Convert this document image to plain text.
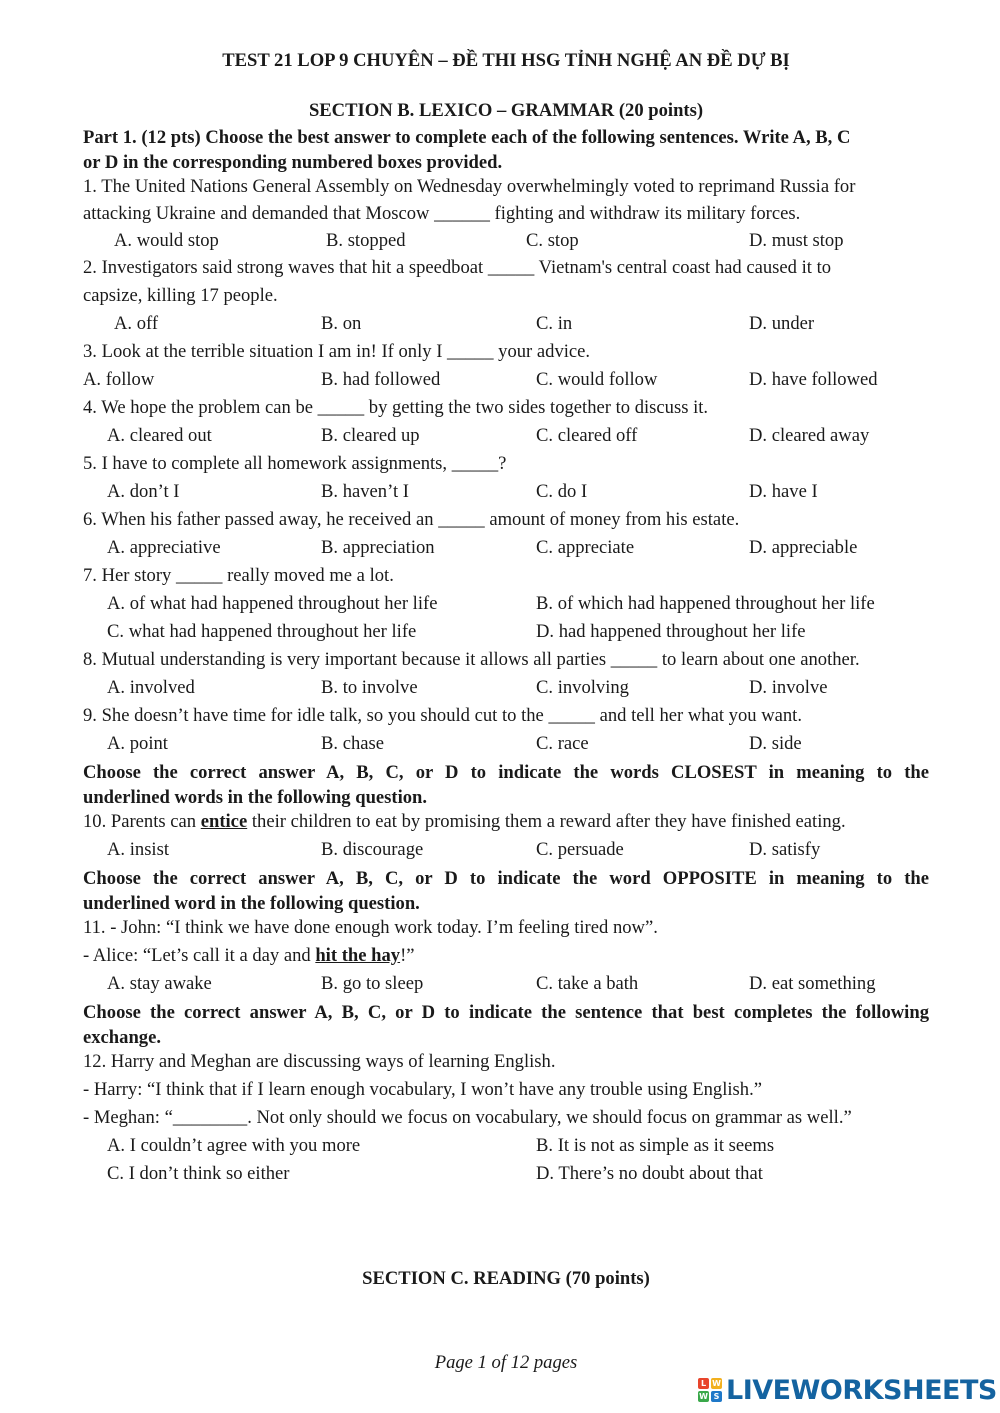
TEST 21 LOP 9 CHUYÊN – ĐỀ THI HSG TỈNH NGHỆ AN ĐỀ DỰ BỊ
SECTION B. LEXICO – GRAMMAR (20 points)
Part 1. (12 pts) Choose the best answer to complete each of the following sentences. Write A, B, C
or D in the corresponding numbered boxes provided.
1. The United Nations General Assembly on Wednesday overwhelmingly voted to reprimand Russia for
attacking Ukraine and demanded that Moscow ______ fighting and withdraw its military forces.
A. would stop	B. stopped	C. stop	D. must stop
2. Investigators said strong waves that hit a speedboat _____ Vietnam's central coast had caused it to
capsize, killing 17 people.
A. off	B. on	C. in	D. under
3. Look at the terrible situation I am in! If only I _____ your advice.
A. follow	B. had followed	C. would follow	D. have followed
4. We hope the problem can be _____ by getting the two sides together to discuss it.
A. cleared out	B. cleared up	C. cleared off	D. cleared away
5. I have to complete all homework assignments, _____?
A. don’t I	B. haven’t I	C. do I	D. have I
6. When his father passed away, he received an _____ amount of money from his estate.
A. appreciative	B. appreciation	C. appreciate	D. appreciable
7. Her story _____ really moved me a lot.
A. of what had happened throughout her life	B. of which had happened throughout her life
C. what had happened throughout her life	D. had happened throughout her life
8. Mutual understanding is very important because it allows all parties _____ to learn about one another.
A. involved	B. to involve	C. involving	D. involve
9. She doesn’t have time for idle talk, so you should cut to the _____ and tell her what you want.
A. point	B. chase	C. race	D. side
Choose the correct answer A, B, C, or D to indicate the words CLOSEST in meaning to the
underlined words in the following question.
10. Parents can entice their children to eat by promising them a reward after they have finished eating.
A. insist	B. discourage	C. persuade	D. satisfy
Choose the correct answer A, B, C, or D to indicate the word OPPOSITE in meaning to the
underlined word in the following question.
11. - John: “I think we have done enough work today. I’m feeling tired now”.
- Alice: “Let’s call it a day and hit the hay!”
A. stay awake	B. go to sleep	C. take a bath	D. eat something
Choose the correct answer A, B, C, or D to indicate the sentence that best completes the following
exchange.
12. Harry and Meghan are discussing ways of learning English.
- Harry: “I think that if I learn enough vocabulary, I won’t have any trouble using English.”
- Meghan: “________. Not only should we focus on vocabulary, we should focus on grammar as well.”
A. I couldn’t agree with you more	B. It is not as simple as it seems
C. I don’t think so either	D. There’s no doubt about that
SECTION C. READING (70 points)
Page 1 of 12 pages
L W
W S LIVEWORKSHEETS
